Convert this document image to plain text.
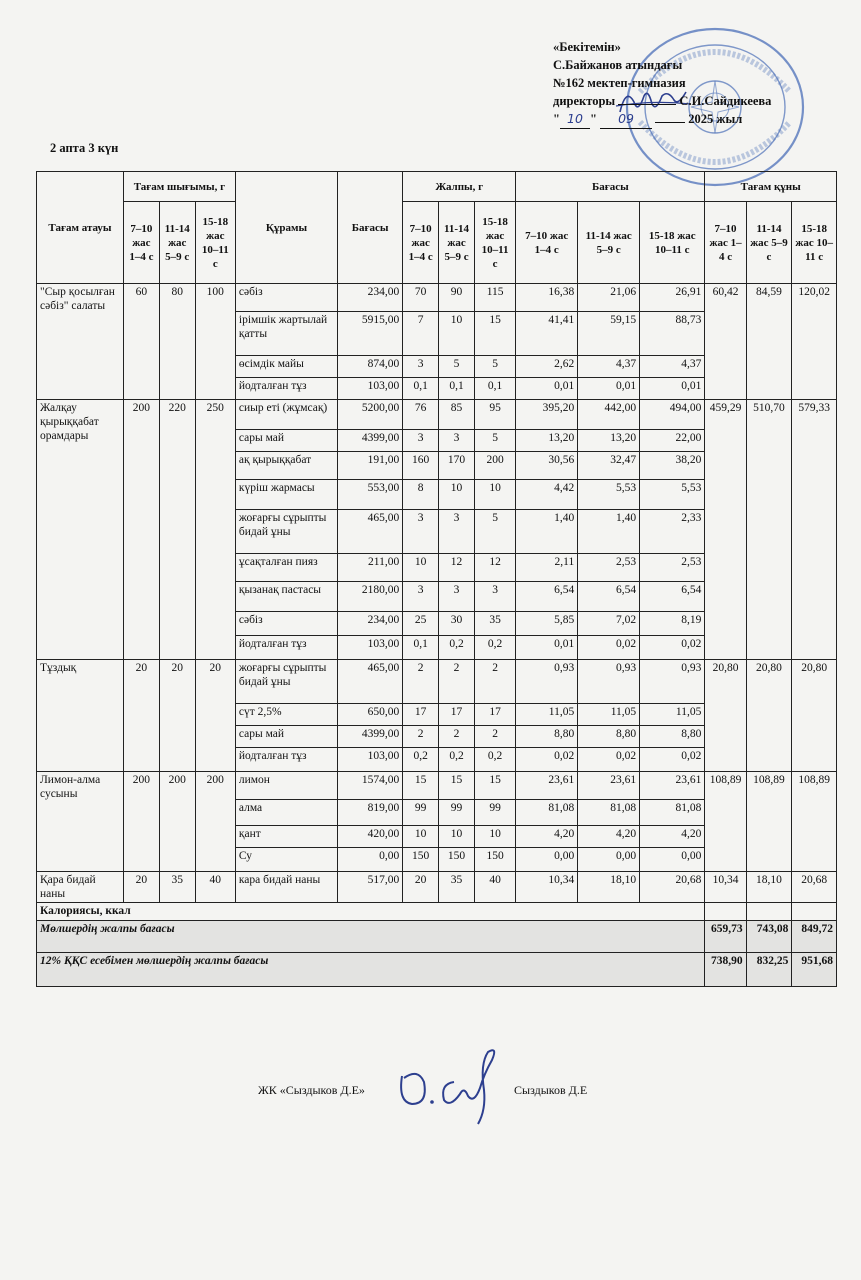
«Бекітемін»
С.Байжанов атындағы
№162 мектеп-гимназия
директоры	С.И.Сайдикеева
" 10 " 09	2025 жыл
2 апта 3 күн
Тағам атауы	Тағам шығымы, г			Құрамы	Бағасы	Жалпы, г			Бағасы			Тағам құны		
	7–10 жас 1–4 с	11-14 жас 5–9 с	15-18 жас 10–11 с			7–10 жас 1–4 с	11-14 жас 5–9 с	15-18 жас 10–11 с	7–10 жас 1–4 с	11-14 жас 5–9 с	15-18 жас 10–11 с	7–10 жас 1–4 с	11-14 жас 5–9 с	15-18 жас 10–11 с
"Сыр қосылған сәбіз" салаты	60	80	100	сәбіз	234,00	70	90	115	16,38	21,06	26,91	60,42	84,59	120,02
				ірімшік жартылай қатты	5915,00	7	10	15	41,41	59,15	88,73			
				өсімдік майы	874,00	3	5	5	2,62	4,37	4,37			
				йодталған тұз	103,00	0,1	0,1	0,1	0,01	0,01	0,01			
Жалқау қырыққабат орамдары	200	220	250	сиыр еті (жұмсақ)	5200,00	76	85	95	395,20	442,00	494,00	459,29	510,70	579,33
				сары май	4399,00	3	3	5	13,20	13,20	22,00			
				ақ қырыққабат	191,00	160	170	200	30,56	32,47	38,20			
				күріш жармасы	553,00	8	10	10	4,42	5,53	5,53			
				жоғарғы сұрыпты бидай ұны	465,00	3	3	5	1,40	1,40	2,33			
				ұсақталған пияз	211,00	10	12	12	2,11	2,53	2,53			
				қызанақ пастасы	2180,00	3	3	3	6,54	6,54	6,54			
				сәбіз	234,00	25	30	35	5,85	7,02	8,19			
				йодталған тұз	103,00	0,1	0,2	0,2	0,01	0,02	0,02			
Тұздық	20	20	20	жоғарғы сұрыпты бидай ұны	465,00	2	2	2	0,93	0,93	0,93	20,80	20,80	20,80
				сүт 2,5%	650,00	17	17	17	11,05	11,05	11,05			
				сары май	4399,00	2	2	2	8,80	8,80	8,80			
				йодталған тұз	103,00	0,2	0,2	0,2	0,02	0,02	0,02			
Лимон-алма сусыны	200	200	200	лимон	1574,00	15	15	15	23,61	23,61	23,61	108,89	108,89	108,89
				алма	819,00	99	99	99	81,08	81,08	81,08			
				қант	420,00	10	10	10	4,20	4,20	4,20			
				Су	0,00	150	150	150	0,00	0,00	0,00			
Қара бидай наны	20	35	40	кара бидай наны	517,00	20	35	40	10,34	18,10	20,68	10,34	18,10	20,68
Калориясы, ккал														
Мөлшердің жалпы бағасы												659,73	743,08	849,72
12% ҚҚС есебімен мөлшердің жалпы бағасы												738,90	832,25	951,68
ЖК «Сыздыков Д.Е»	Сыздыков Д.Е
